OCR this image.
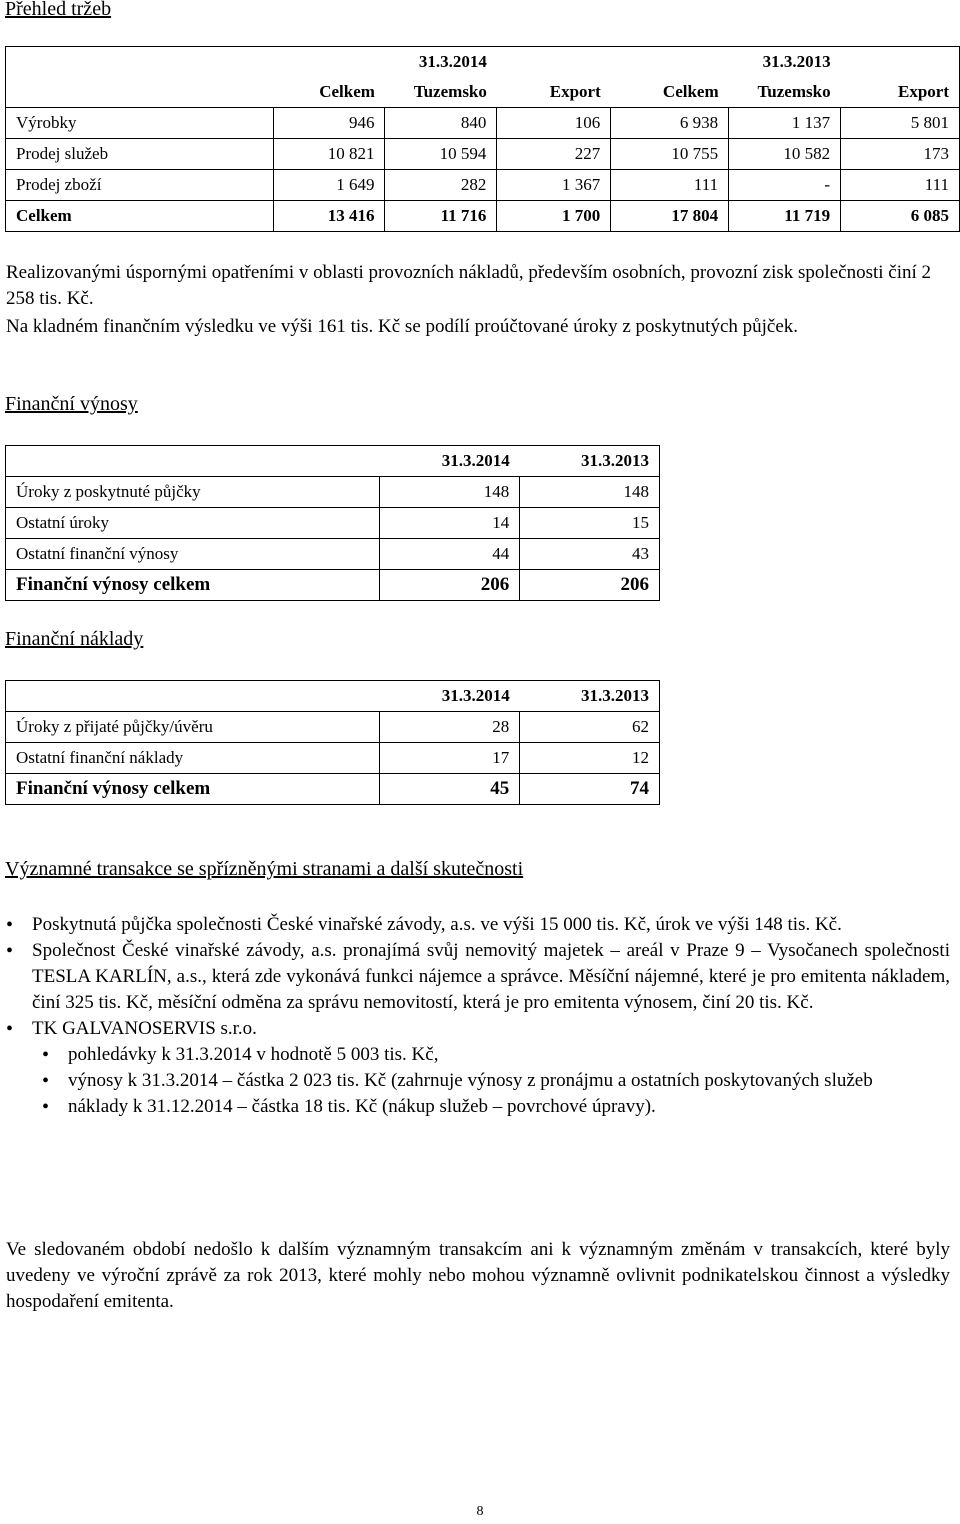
Přehled tržeb
	31.3.2014			31.3.2013		
	Celkem	Tuzemsko	Export	Celkem	Tuzemsko	Export
Výrobky	946	840	106	6 938	1 137	5 801
Prodej služeb	10 821	10 594	227	10 755	10 582	173
Prodej zboží	1 649	282	1 367	111	-	111
Celkem	13 416	11 716	1 700	17 804	11 719	6 085
Realizovanými úspornými opatřeními v oblasti provozních nákladů, především osobních, provozní zisk společnosti činí 2 258 tis. Kč.
Na kladném finančním výsledku ve výši 161 tis. Kč se podílí proúčtované úroky z poskytnutých půjček.
Finanční výnosy
	31.3.2014	31.3.2013
Úroky z poskytnuté půjčky	148	148
Ostatní úroky	14	15
Ostatní finanční výnosy	44	43
Finanční výnosy celkem	206	206
Finanční náklady
	31.3.2014	31.3.2013
Úroky z přijaté půjčky/úvěru	28	62
Ostatní finanční náklady	17	12
Finanční výnosy celkem	45	74
Významné transakce se spřízněnými stranami a další skutečnosti
• Poskytnutá půjčka společnosti České vinařské závody, a.s. ve výši 15 000 tis. Kč, úrok ve výši 148 tis. Kč.
• Společnost České vinařské závody, a.s. pronajímá svůj nemovitý majetek – areál v Praze 9 – Vysočanech společnosti TESLA KARLÍN, a.s., která zde vykonává funkci nájemce a správce. Měsíční nájemné, které je pro emitenta nákladem, činí 325 tis. Kč, měsíční odměna za správu nemovitostí, která je pro emitenta výnosem, činí 20 tis. Kč.
• TK GALVANOSERVIS s.r.o.
• pohledávky k 31.3.2014 v hodnotě 5 003 tis. Kč,
• výnosy k 31.3.2014 – částka 2 023 tis. Kč (zahrnuje výnosy z pronájmu a ostatních poskytovaných služeb
• náklady k 31.12.2014 – částka 18 tis. Kč (nákup služeb – povrchové úpravy).
Ve sledovaném období nedošlo k dalším významným transakcím ani k významným změnám v transakcích, které byly uvedeny ve výroční zprávě za rok 2013, které mohly nebo mohou významně ovlivnit podnikatelskou činnost a výsledky hospodaření emitenta.
8
